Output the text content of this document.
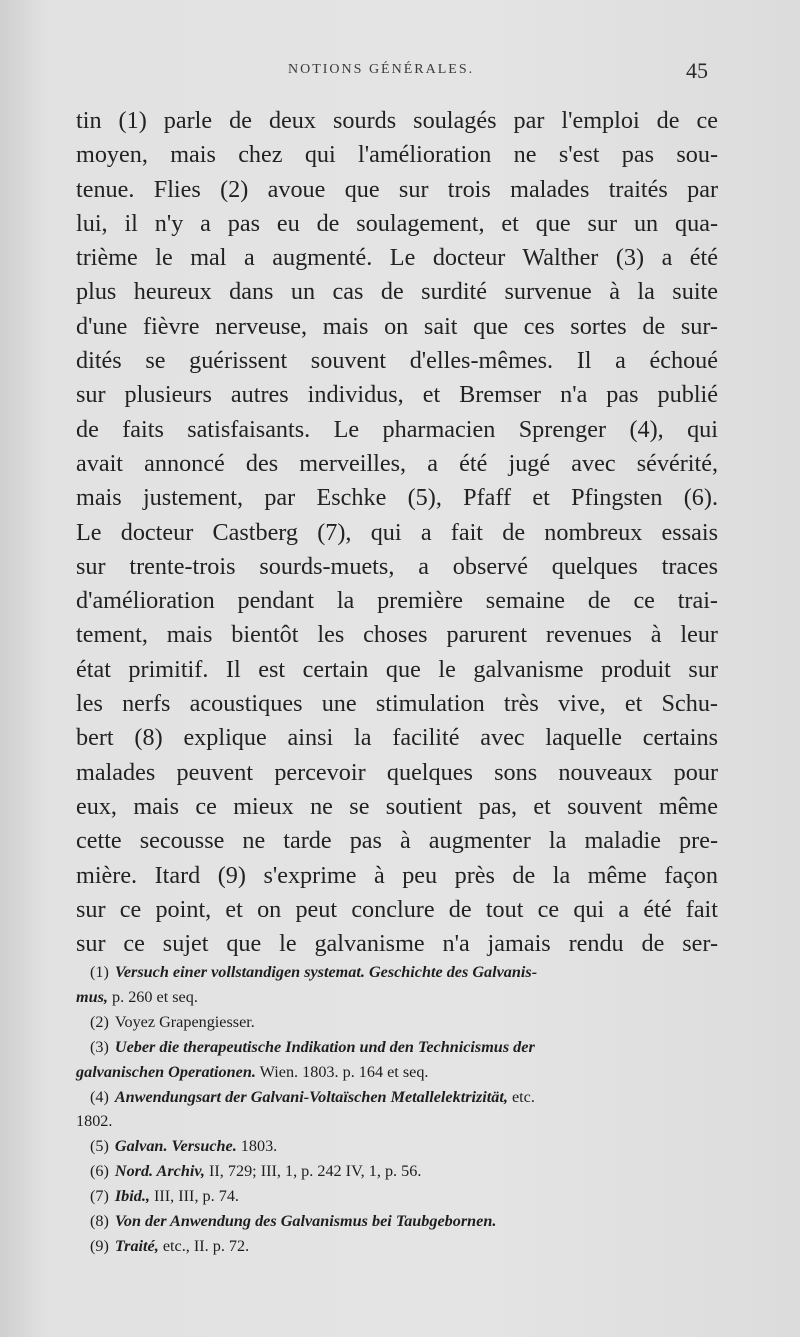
NOTIONS GÉNÉRALES.	45
tin (1) parle de deux sourds soulagés par l'emploi de ce
moyen, mais chez qui l'amélioration ne s'est pas sou-
tenue. Flies (2) avoue que sur trois malades traités par
lui, il n'y a pas eu de soulagement, et que sur un qua-
trième le mal a augmenté. Le docteur Walther (3) a été
plus heureux dans un cas de surdité survenue à la suite
d'une fièvre nerveuse, mais on sait que ces sortes de sur-
dités se guérissent souvent d'elles-mêmes. Il a échoué
sur plusieurs autres individus, et Bremser n'a pas publié
de faits satisfaisants. Le pharmacien Sprenger (4), qui
avait annoncé des merveilles, a été jugé avec sévérité,
mais justement, par Eschke (5), Pfaff et Pfingsten (6).
Le docteur Castberg (7), qui a fait de nombreux essais
sur trente-trois sourds-muets, a observé quelques traces
d'amélioration pendant la première semaine de ce trai-
tement, mais bientôt les choses parurent revenues à leur
état primitif. Il est certain que le galvanisme produit sur
les nerfs acoustiques une stimulation très vive, et Schu-
bert (8) explique ainsi la facilité avec laquelle certains
malades peuvent percevoir quelques sons nouveaux pour
eux, mais ce mieux ne se soutient pas, et souvent même
cette secousse ne tarde pas à augmenter la maladie pre-
mière. Itard (9) s'exprime à peu près de la même façon
sur ce point, et on peut conclure de tout ce qui a été fait
sur ce sujet que le galvanisme n'a jamais rendu de ser-
(1) Versuch einer vollstandigen systemat. Geschichte des Galvanis-
mus, p. 260 et seq.
(2) Voyez Grapengiesser.
(3) Ueber die therapeutische Indikation und den Technicismus der
galvanischen Operationen. Wien. 1803. p. 164 et seq.
(4) Anwendungsart der Galvani-Voltaïschen Metallelektrizität, etc.
1802.
(5) Galvan. Versuche. 1803.
(6) Nord. Archiv, II, 729; III, 1, p. 242 IV, 1, p. 56.
(7) Ibid., III, III, p. 74.
(8) Von der Anwendung des Galvanismus bei Taubgebornen.
(9) Traité, etc., II. p. 72.
